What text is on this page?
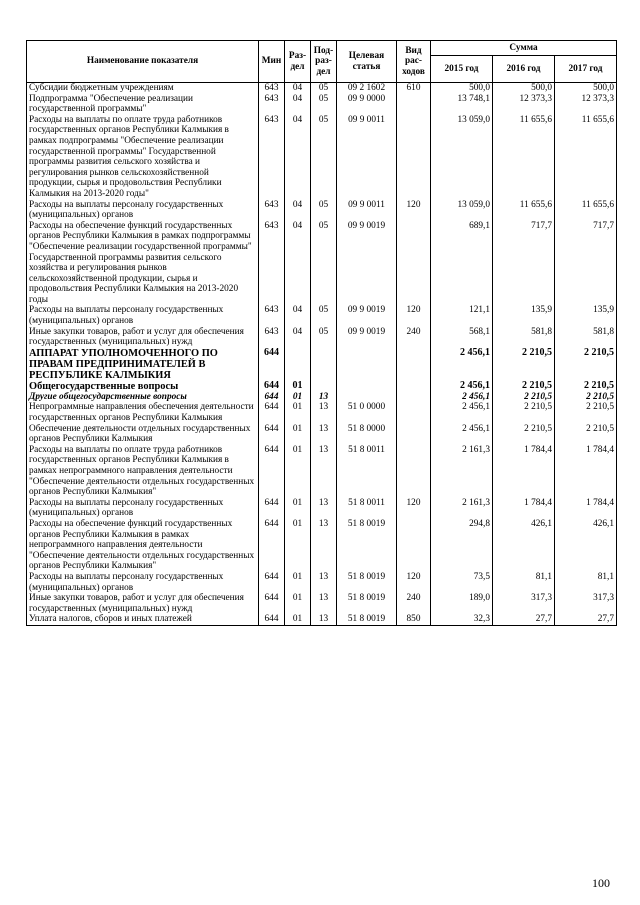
Наименование показателя	Мин	Раз-
дел	Под-
раз-
дел	Целевая
статья	Вид
рас-
ходов	Сумма		
						2015 год	2016 год	2017 год
Субсидии бюджетным учреждениям	643	04	05	09 2 1602	610	500,0	500,0	500,0
Подпрограмма "Обеспечение реализации государственной программы"	643	04	05	09 9 0000		13 748,1	12 373,3	12 373,3
Расходы на выплаты по оплате труда работников государственных органов Республики Калмыкия в рамках подпрограммы "Обеспечение реализации государственной программы" Государственной программы развития сельского хозяйства и регулирования рынков сельскохозяйственной продукции, сырья и продовольствия Республики Калмыкия на 2013-2020 годы"	643	04	05	09 9 0011		13 059,0	11 655,6	11 655,6
Расходы на выплаты персоналу государственных (муниципальных) органов	643	04	05	09 9 0011	120	13 059,0	11 655,6	11 655,6
Расходы на обеспечение функций государственных органов Республики Калмыкия в рамках подпрограммы "Обеспечение реализации государственной программы" Государственной программы развития сельского хозяйства и регулирования рынков сельскохозяйственной продукции, сырья и продовольствия Республики Калмыкия на 2013-2020 годы	643	04	05	09 9 0019		689,1	717,7	717,7
Расходы на выплаты персоналу государственных (муниципальных) органов	643	04	05	09 9 0019	120	121,1	135,9	135,9
Иные закупки товаров, работ и услуг для обеспечения государственных (муниципальных) нужд	643	04	05	09 9 0019	240	568,1	581,8	581,8
АППАРАТ УПОЛНОМОЧЕННОГО ПО ПРАВАМ ПРЕДПРИНИМАТЕЛЕЙ В РЕСПУБЛИКЕ КАЛМЫКИЯ	644					2 456,1	2 210,5	2 210,5
Общегосударственные вопросы	644	01				2 456,1	2 210,5	2 210,5
Другие общегосударственные вопросы	644	01	13			2 456,1	2 210,5	2 210,5
Непрограммные направления обеспечения деятельности государственных органов Республики Калмыкия	644	01	13	51 0 0000		2 456,1	2 210,5	2 210,5
Обеспечение деятельности отдельных государственных органов Республики Калмыкия	644	01	13	51 8 0000		2 456,1	2 210,5	2 210,5
Расходы на выплаты по оплате труда работников государственных органов Республики Калмыкия в рамках непрограммного направления деятельности "Обеспечение деятельности отдельных государственных органов Республики Калмыкия"	644	01	13	51 8 0011		2 161,3	1 784,4	1 784,4
Расходы на выплаты персоналу государственных (муниципальных) органов	644	01	13	51 8 0011	120	2 161,3	1 784,4	1 784,4
Расходы на обеспечение функций государственных органов Республики Калмыкия в рамках непрограммного направления деятельности "Обеспечение деятельности отдельных государственных органов Республики Калмыкия"	644	01	13	51 8 0019		294,8	426,1	426,1
Расходы на выплаты персоналу государственных (муниципальных) органов	644	01	13	51 8 0019	120	73,5	81,1	81,1
Иные закупки товаров, работ и услуг для обеспечения государственных (муниципальных) нужд	644	01	13	51 8 0019	240	189,0	317,3	317,3
Уплата налогов, сборов и иных платежей	644	01	13	51 8 0019	850	32,3	27,7	27,7
100
